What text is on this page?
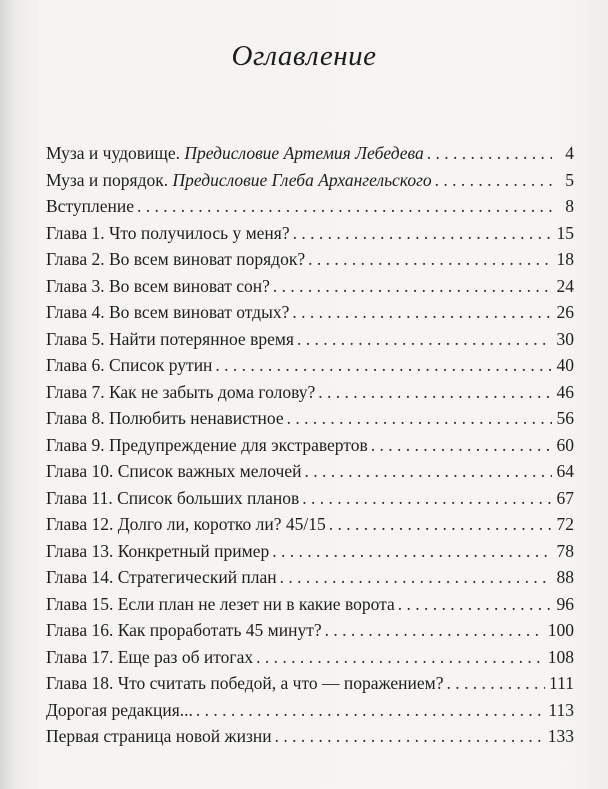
Оглавление
Муза и чудовище. Предисловие Артемия Лебедева . . .	4
Муза и порядок. Предисловие Глеба Архангельского . . .	5
Вступление . . .	8
Глава 1. Что получилось у меня? . . .	15
Глава 2. Во всем виноват порядок? . . .	18
Глава 3. Во всем виноват сон? . . .	24
Глава 4. Во всем виноват отдых? . . .	26
Глава 5. Найти потерянное время . . .	30
Глава 6. Список рутин . . .	40
Глава 7. Как не забыть дома голову? . . .	46
Глава 8. Полюбить ненавистное . . .	56
Глава 9. Предупреждение для экстравертов . . .	60
Глава 10. Список важных мелочей . . .	64
Глава 11. Список больших планов . . .	67
Глава 12. Долго ли, коротко ли? 45/15 . . .	72
Глава 13. Конкретный пример . . .	78
Глава 14. Стратегический план . . .	88
Глава 15. Если план не лезет ни в какие ворота . . .	96
Глава 16. Как проработать 45 минут? . . .	100
Глава 17. Еще раз об итогах . . .	108
Глава 18. Что считать победой, а что — поражением? . . .	111
Дорогая редакция... . . .	113
Первая страница новой жизни . . .	133
